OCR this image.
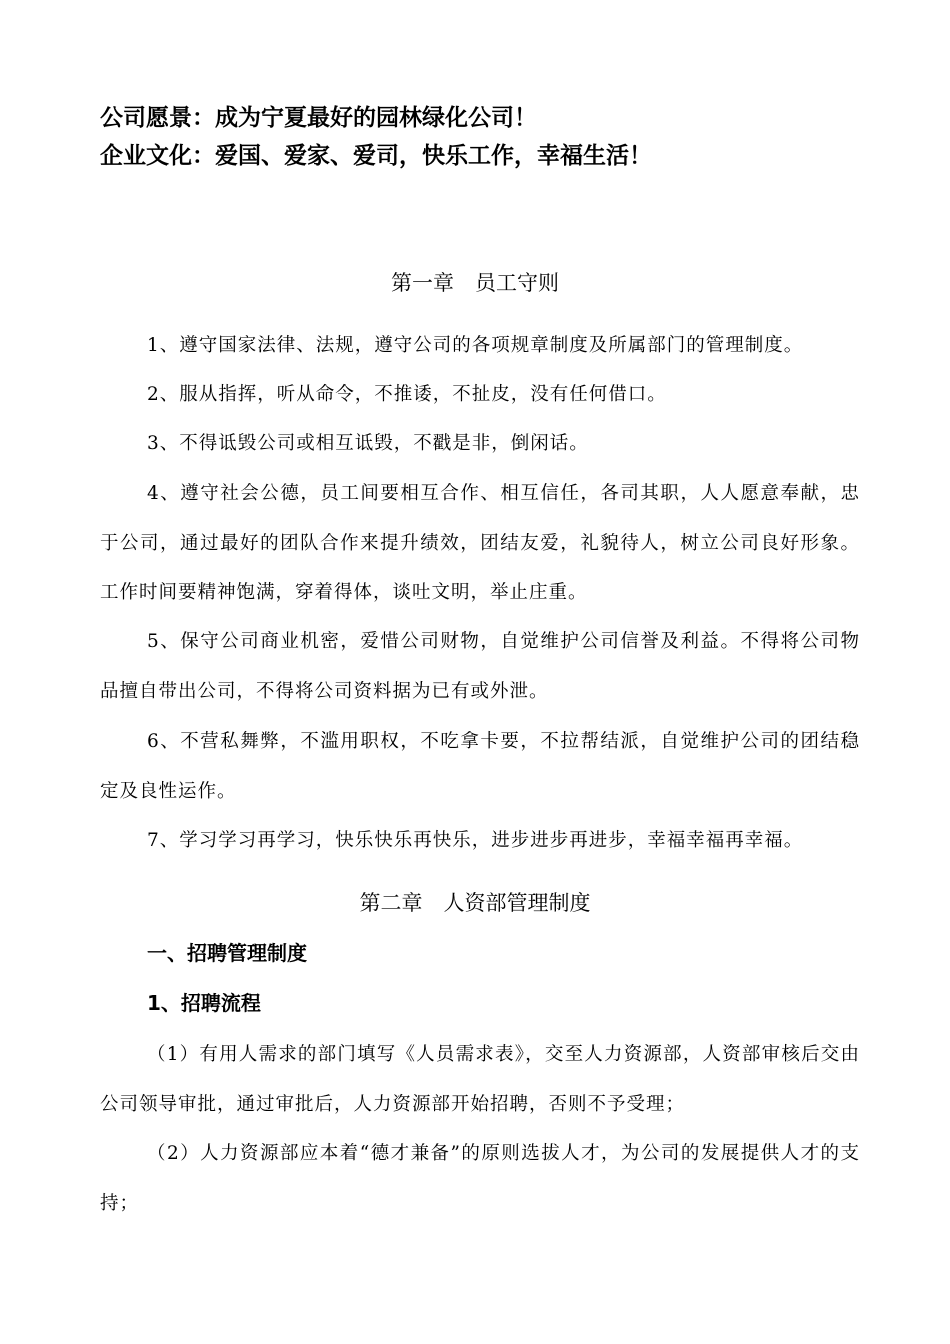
公司愿景：成为宁夏最好的园林绿化公司！
企业文化：爱国、爱家、爱司，快乐工作，幸福生活！
第一章　员工守则
1、遵守国家法律、法规，遵守公司的各项规章制度及所属部门的管理制度。
2、服从指挥，听从命令，不推诿，不扯皮，没有任何借口。
3、不得诋毁公司或相互诋毁，不戳是非，倒闲话。
4、遵守社会公德，员工间要相互合作、相互信任，各司其职，人人愿意奉献，忠于公司，通过最好的团队合作来提升绩效，团结友爱，礼貌待人，树立公司良好形象。工作时间要精神饱满，穿着得体，谈吐文明，举止庄重。
5、保守公司商业机密，爱惜公司财物，自觉维护公司信誉及利益。不得将公司物品擅自带出公司，不得将公司资料据为已有或外泄。
6、不营私舞弊，不滥用职权，不吃拿卡要，不拉帮结派，自觉维护公司的团结稳定及良性运作。
7、学习学习再学习，快乐快乐再快乐，进步进步再进步，幸福幸福再幸福。
第二章　人资部管理制度
一、招聘管理制度
1、招聘流程
（1）有用人需求的部门填写《人员需求表》，交至人力资源部，人资部审核后交由公司领导审批，通过审批后，人力资源部开始招聘，否则不予受理；
（2）人力资源部应本着“德才兼备”的原则选拔人才，为公司的发展提供人才的支持；
